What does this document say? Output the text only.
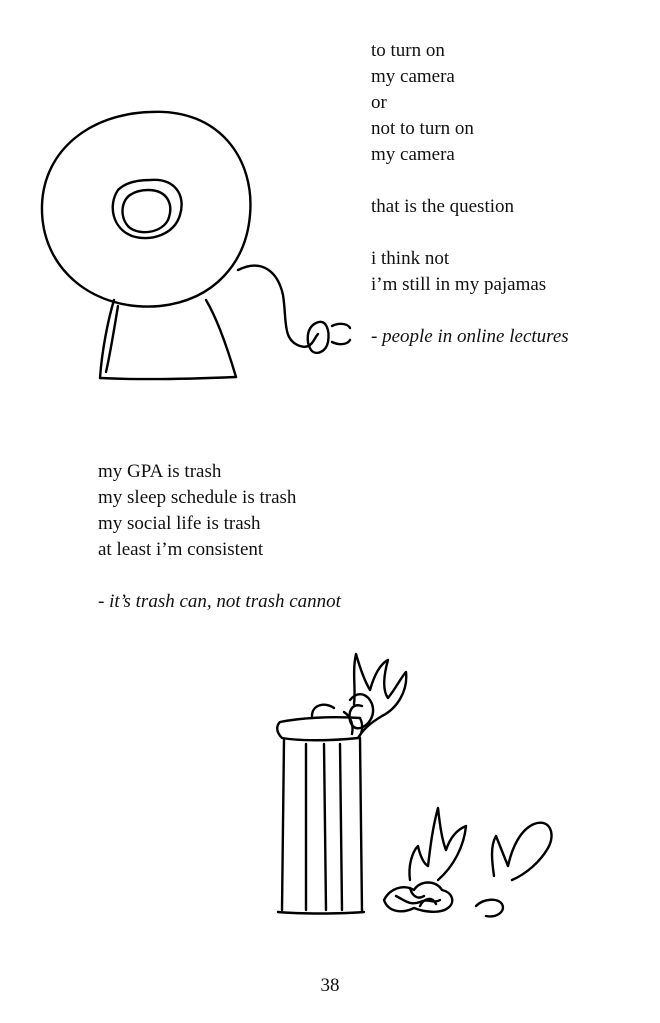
to turn on

my camera

or

not to turn on

my camera

that is the question

i think not

i’m still in my pajamas

- people in online lectures

my GPA is trash

my sleep schedule is trash

my social life is trash

at least i’m consistent

- it’s trash can, not trash cannot

38
